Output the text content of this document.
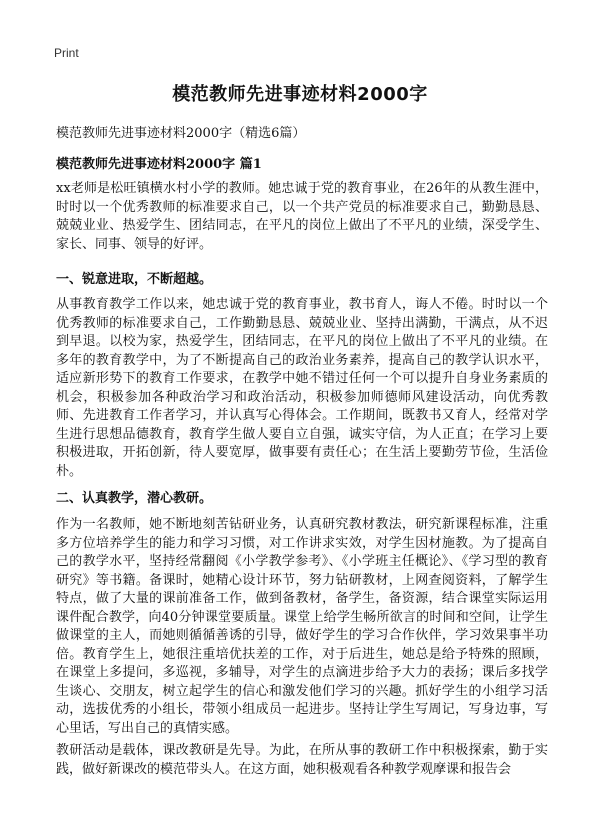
Print
模范教师先进事迹材料2000字
模范教师先进事迹材料2000字（精选6篇）
模范教师先进事迹材料2000字 篇1
xx老师是松旺镇横水村小学的教师。她忠诚于党的教育事业，在26年的从教生涯中，时时以一个优秀教师的标准要求自己，以一个共产党员的标准要求自己，勤勤恳恳、兢兢业业、热爱学生、团结同志，在平凡的岗位上做出了不平凡的业绩，深受学生、家长、同事、领导的好评。
一、锐意进取，不断超越。
从事教育教学工作以来，她忠诚于党的教育事业，教书育人，诲人不倦。时时以一个优秀教师的标准要求自己，工作勤勤恳恳、兢兢业业、坚持出满勤，干满点，从不迟到早退。以校为家，热爱学生，团结同志，在平凡的岗位上做出了不平凡的业绩。在多年的教育教学中，为了不断提高自己的政治业务素养，提高自己的教学认识水平，适应新形势下的教育工作要求，在教学中她不错过任何一个可以提升自身业务素质的机会，积极参加各种政治学习和政治活动，积极参加师德师风建设活动，向优秀教师、先进教育工作者学习，并认真写心得体会。工作期间，既教书又育人，经常对学生进行思想品德教育，教育学生做人要自立自强，诚实守信，为人正直；在学习上要积极进取，开拓创新，待人要宽厚，做事要有责任心；在生活上要勤劳节俭，生活俭朴。
二、认真教学，潜心教研。
作为一名教师，她不断地刻苦钻研业务，认真研究教材教法，研究新课程标准，注重多方位培养学生的能力和学习习惯，对工作讲求实效，对学生因材施教。为了提高自己的教学水平，坚持经常翻阅《小学教学参考》、《小学班主任概论》、《学习型的教育研究》等书籍。备课时，她精心设计环节，努力钻研教材，上网查阅资料，了解学生特点，做了大量的课前准备工作，做到备教材，备学生，备资源，结合课堂实际运用课件配合教学，向40分钟课堂要质量。课堂上给学生畅所欲言的时间和空间，让学生做课堂的主人，而她则循循善诱的引导，做好学生的学习合作伙伴，学习效果事半功倍。教育学生上，她很注重培优扶差的工作，对于后进生，她总是给予特殊的照顾，在课堂上多提问，多巡视，多辅导，对学生的点滴进步给予大力的表扬；课后多找学生谈心、交朋友，树立起学生的信心和激发他们学习的兴趣。抓好学生的小组学习活动，选拔优秀的小组长，带领小组成员一起进步。坚持让学生写周记，写身边事，写心里话，写出自己的真情实感。
教研活动是载体，课改教研是先导。为此，在所从事的教研工作中积极探索，勤于实践，做好新课改的模范带头人。在这方面，她积极观看各种教学观摩课和报告会
